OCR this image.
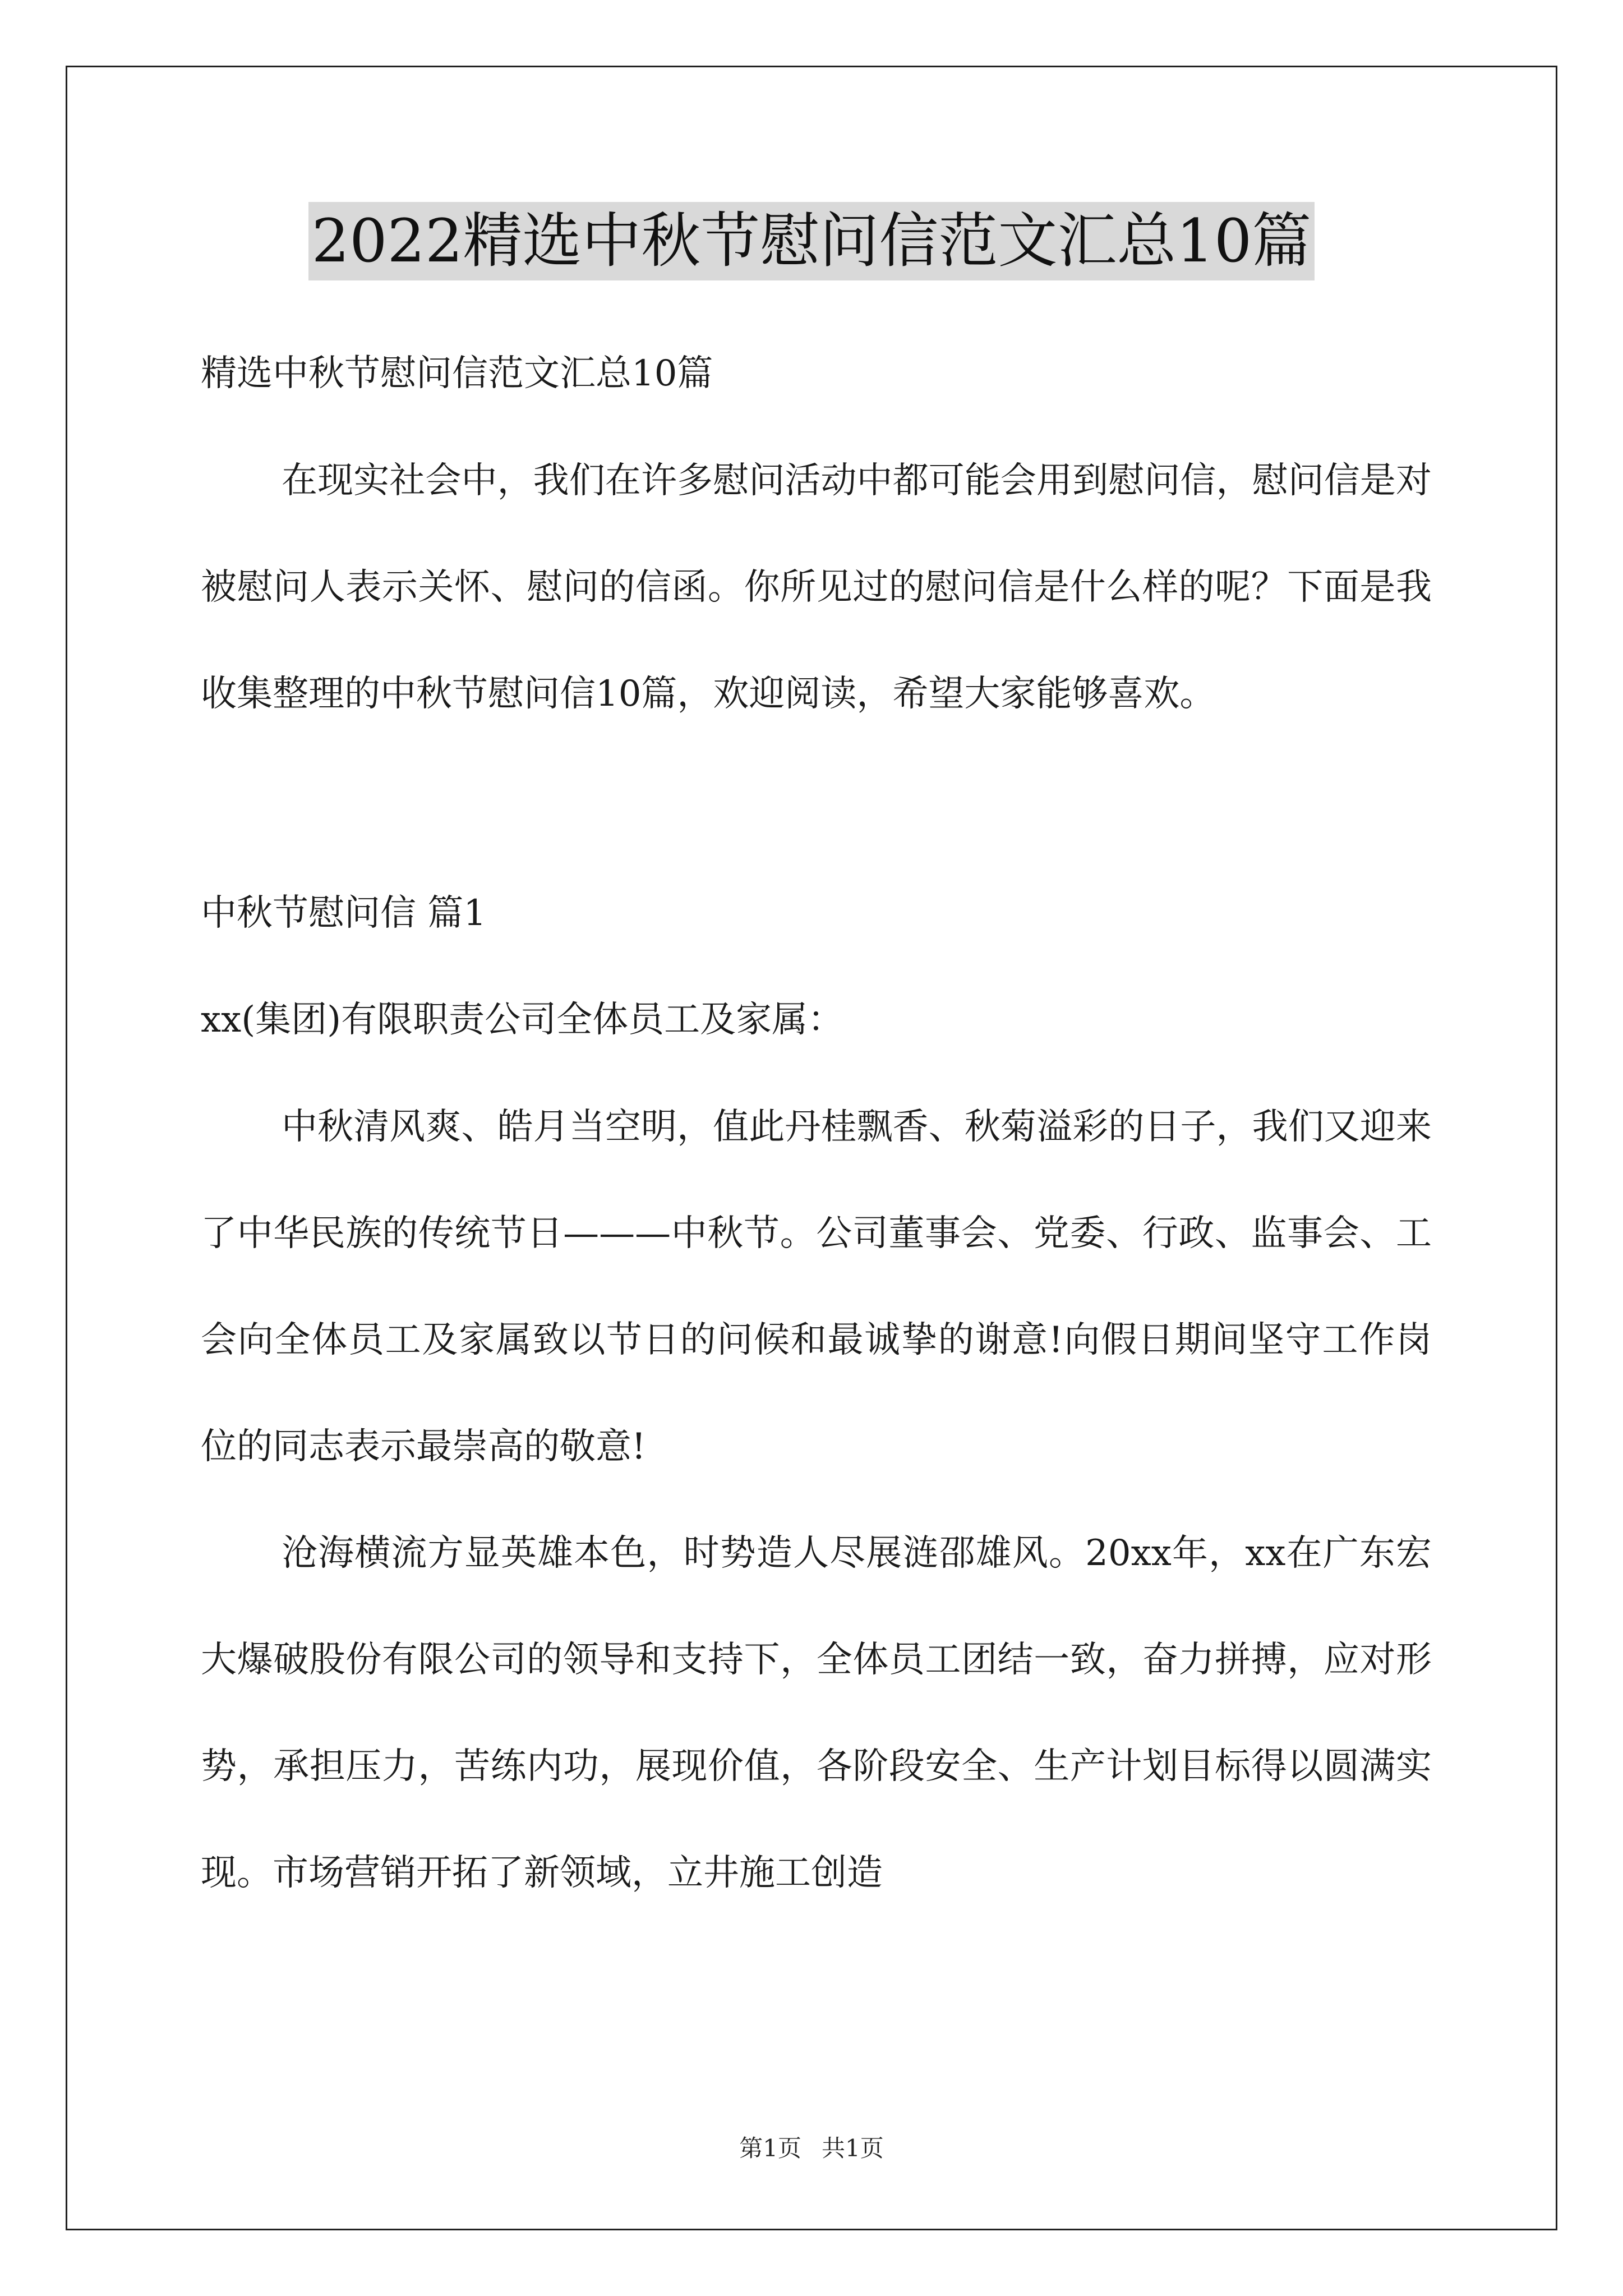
2022精选中秋节慰问信范文汇总10篇

精选中秋节慰问信范文汇总10篇

在现实社会中，我们在许多慰问活动中都可能会用到慰问信，慰问信是对被慰问人表示关怀、慰问的信函。你所见过的慰问信是什么样的呢？下面是我收集整理的中秋节慰问信10篇，欢迎阅读，希望大家能够喜欢。

中秋节慰问信 篇1

xx(集团)有限职责公司全体员工及家属：

中秋清风爽、皓月当空明，值此丹桂飘香、秋菊溢彩的日子，我们又迎来了中华民族的传统节日———中秋节。公司董事会、党委、行政、监事会、工会向全体员工及家属致以节日的问候和最诚挚的谢意!向假日期间坚守工作岗位的同志表示最崇高的敬意!

沧海横流方显英雄本色，时势造人尽展涟邵雄风。20xx年，xx在广东宏大爆破股份有限公司的领导和支持下，全体员工团结一致，奋力拼搏，应对形势，承担压力，苦练内功，展现价值，各阶段安全、生产计划目标得以圆满实现。市场营销开拓了新领域，立井施工创造

第1页 共1页
